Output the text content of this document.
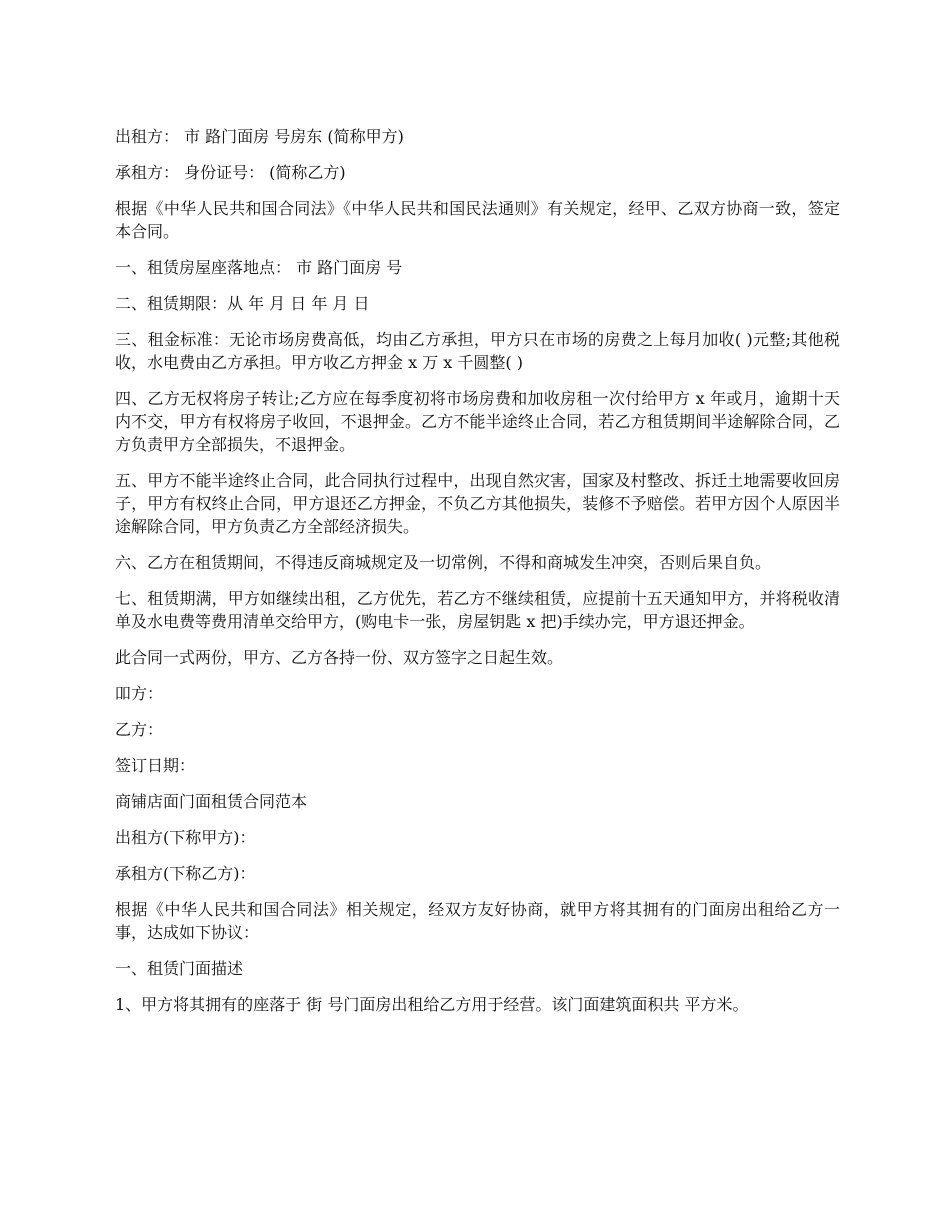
出租方： 市 路门面房 号房东 (简称甲方)

承租方： 身份证号： (简称乙方)

根据《中华人民共和国合同法》《中华人民共和国民法通则》有关规定，经甲、乙双方协商一致，签定本合同。

一、租赁房屋座落地点： 市 路门面房 号

二、租赁期限：从 年 月 日 年 月 日

三、租金标准：无论市场房费高低，均由乙方承担，甲方只在市场的房费之上每月加收( )元整;其他税收，水电费由乙方承担。甲方收乙方押金 x 万 x 千圆整( )

四、乙方无权将房子转让;乙方应在每季度初将市场房费和加收房租一次付给甲方 x 年或月，逾期十天内不交，甲方有权将房子收回，不退押金。乙方不能半途终止合同，若乙方租赁期间半途解除合同，乙方负责甲方全部损失，不退押金。

五、甲方不能半途终止合同，此合同执行过程中，出现自然灾害，国家及村整改、拆迁土地需要收回房子，甲方有权终止合同，甲方退还乙方押金，不负乙方其他损失，装修不予赔偿。若甲方因个人原因半途解除合同，甲方负责乙方全部经济损失。

六、乙方在租赁期间，不得违反商城规定及一切常例，不得和商城发生冲突，否则后果自负。

七、租赁期满，甲方如继续出租，乙方优先，若乙方不继续租赁，应提前十五天通知甲方，并将税收清单及水电费等费用清单交给甲方，(购电卡一张，房屋钥匙 x 把)手续办完，甲方退还押金。

此合同一式两份，甲方、乙方各持一份、双方签字之日起生效。

吅方：

乙方：

签订日期：

商铺店面门面租赁合同范本

出租方(下称甲方)：

承租方(下称乙方)：

根据《中华人民共和国合同法》相关规定，经双方友好协商，就甲方将其拥有的门面房出租给乙方一事，达成如下协议：

一、租赁门面描述

1、甲方将其拥有的座落于 街 号门面房出租给乙方用于经营。该门面建筑面积共 平方米。
